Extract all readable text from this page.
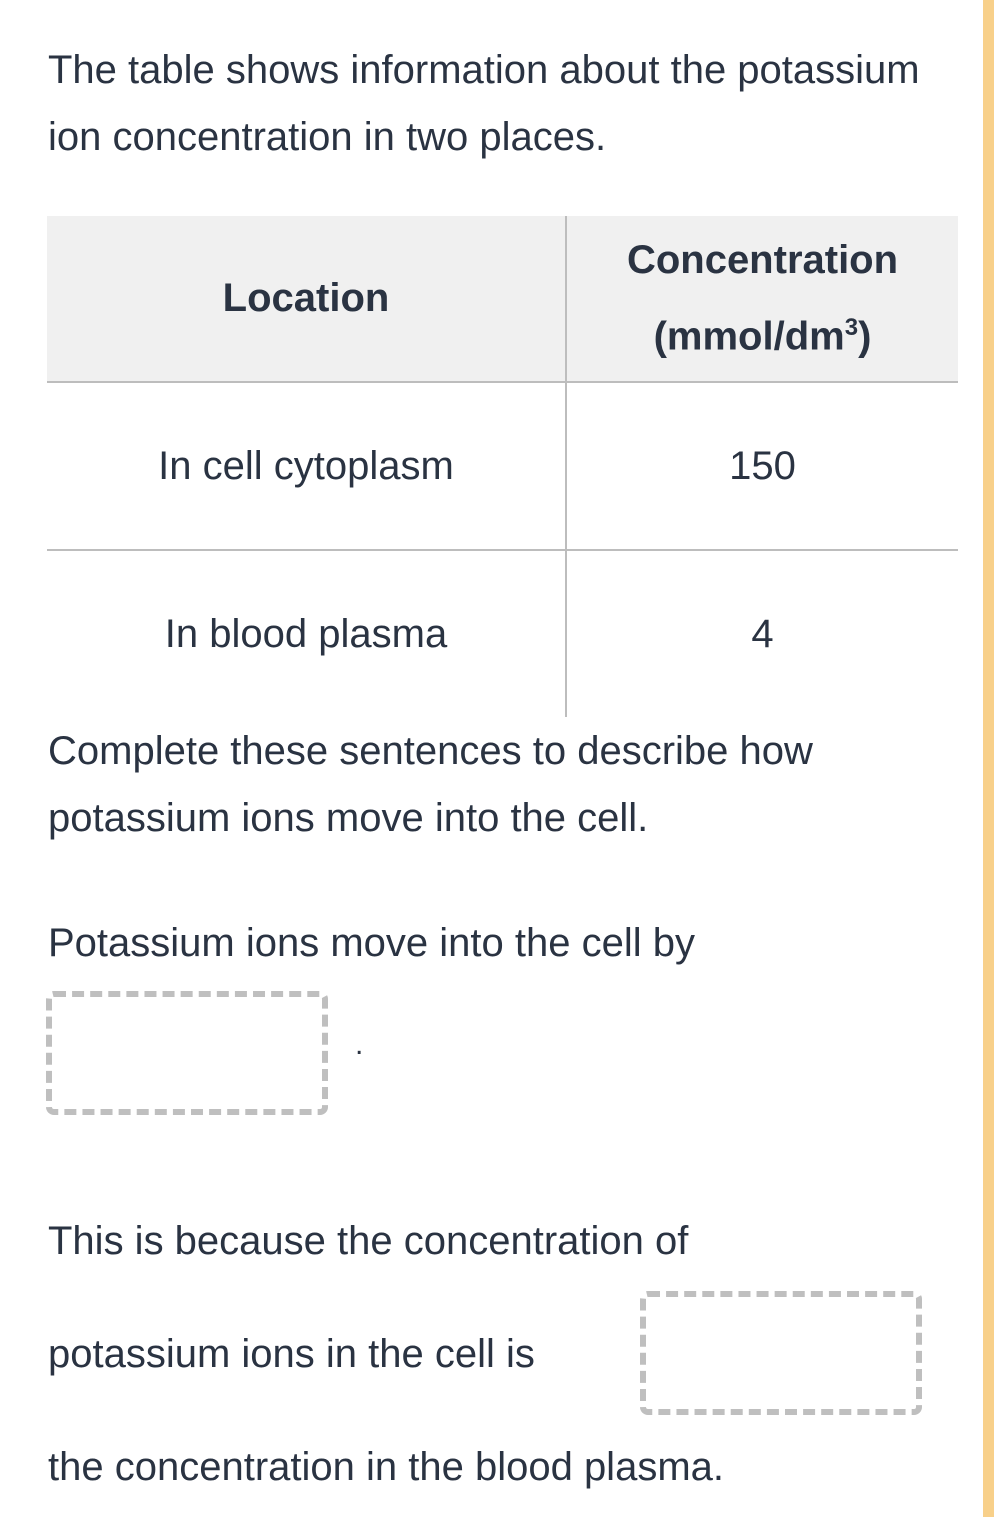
The table shows information about the potassium ion concentration in two places.

Location	Concentration $(mmol/dm^3)$
In cell cytoplasm	150
In blood plasma	4

Complete these sentences to describe how potassium ions move into the cell.

Potassium ions move into the cell by

.

This is because the concentration of

potassium ions in the cell is

the concentration in the blood plasma.
